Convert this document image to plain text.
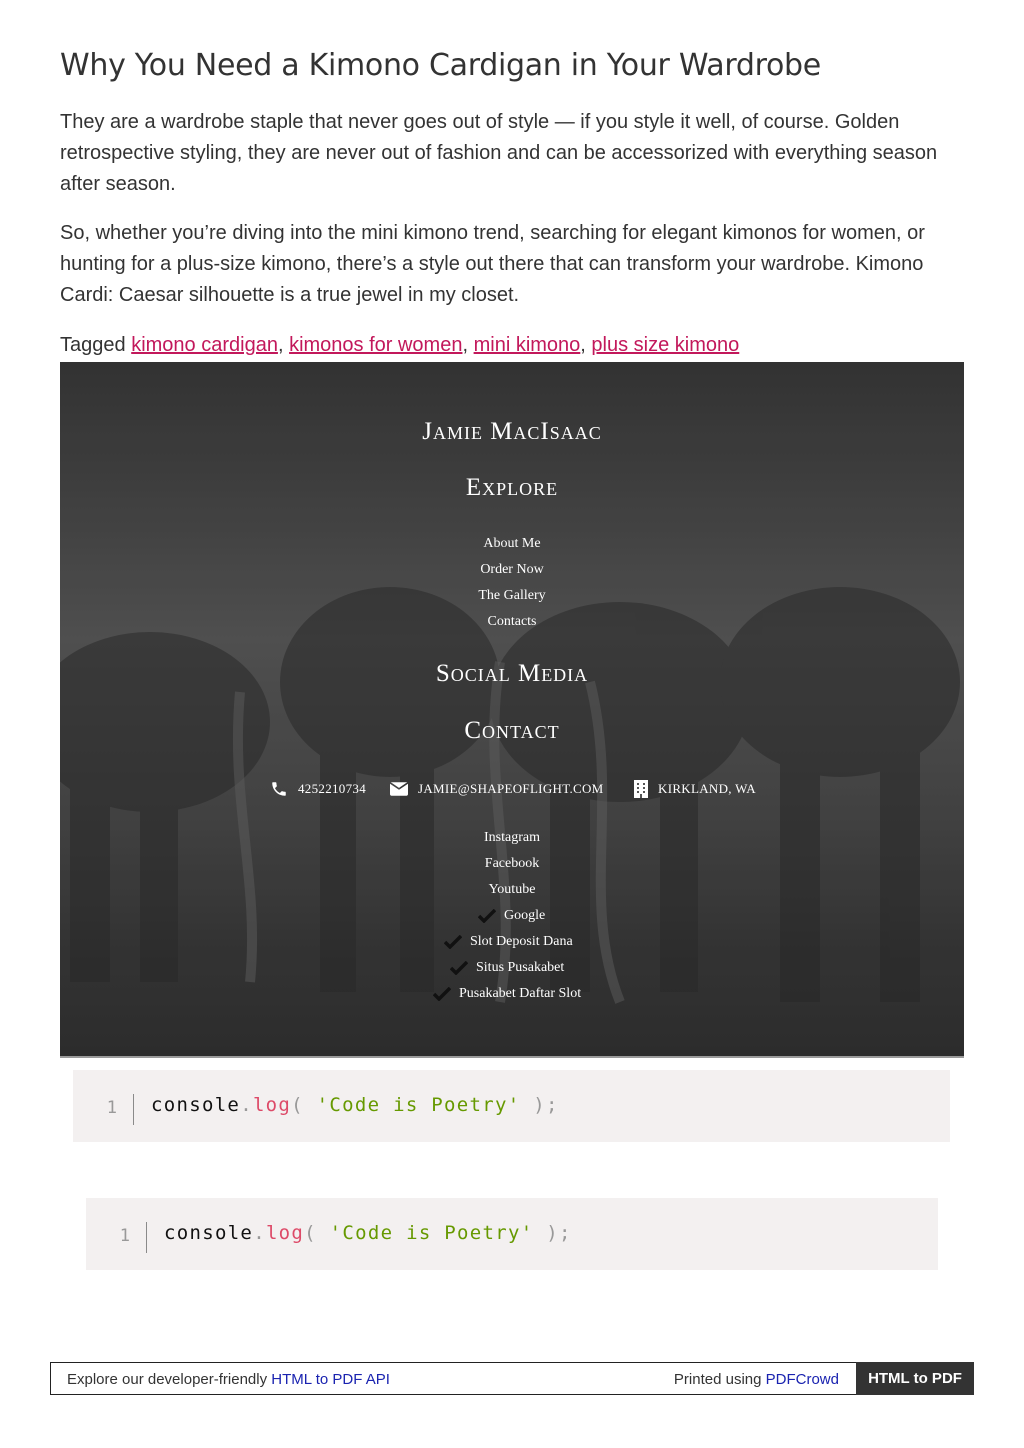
Why You Need a Kimono Cardigan in Your Wardrobe

They are a wardrobe staple that never goes out of style — if you style it well, of course. Golden retrospective styling, they are never out of fashion and can be accessorized with everything season after season.

So, whether you’re diving into the mini kimono trend, searching for elegant kimonos for women, or hunting for a plus-size kimono, there’s a style out there that can transform your wardrobe. Kimono Cardi: Caesar silhouette is a true jewel in my closet.

Tagged kimono cardigan, kimonos for women, mini kimono, plus size kimono
Jamie MacIsaac
Explore
About Me
Order Now
The Gallery
Contacts
Social Media
Contact
4252210734	JAMIE@SHAPEOFLIGHT.COM	KIRKLAND, WA
Instagram
Facebook
Youtube
Google
Slot Deposit Dana
Situs Pusakabet
Pusakabet Daftar Slot
1 console.log( 'Code is Poetry' );
1 console.log( 'Code is Poetry' );
Explore our developer-friendly HTML to PDF API	Printed using PDFCrowd	HTML to PDF
